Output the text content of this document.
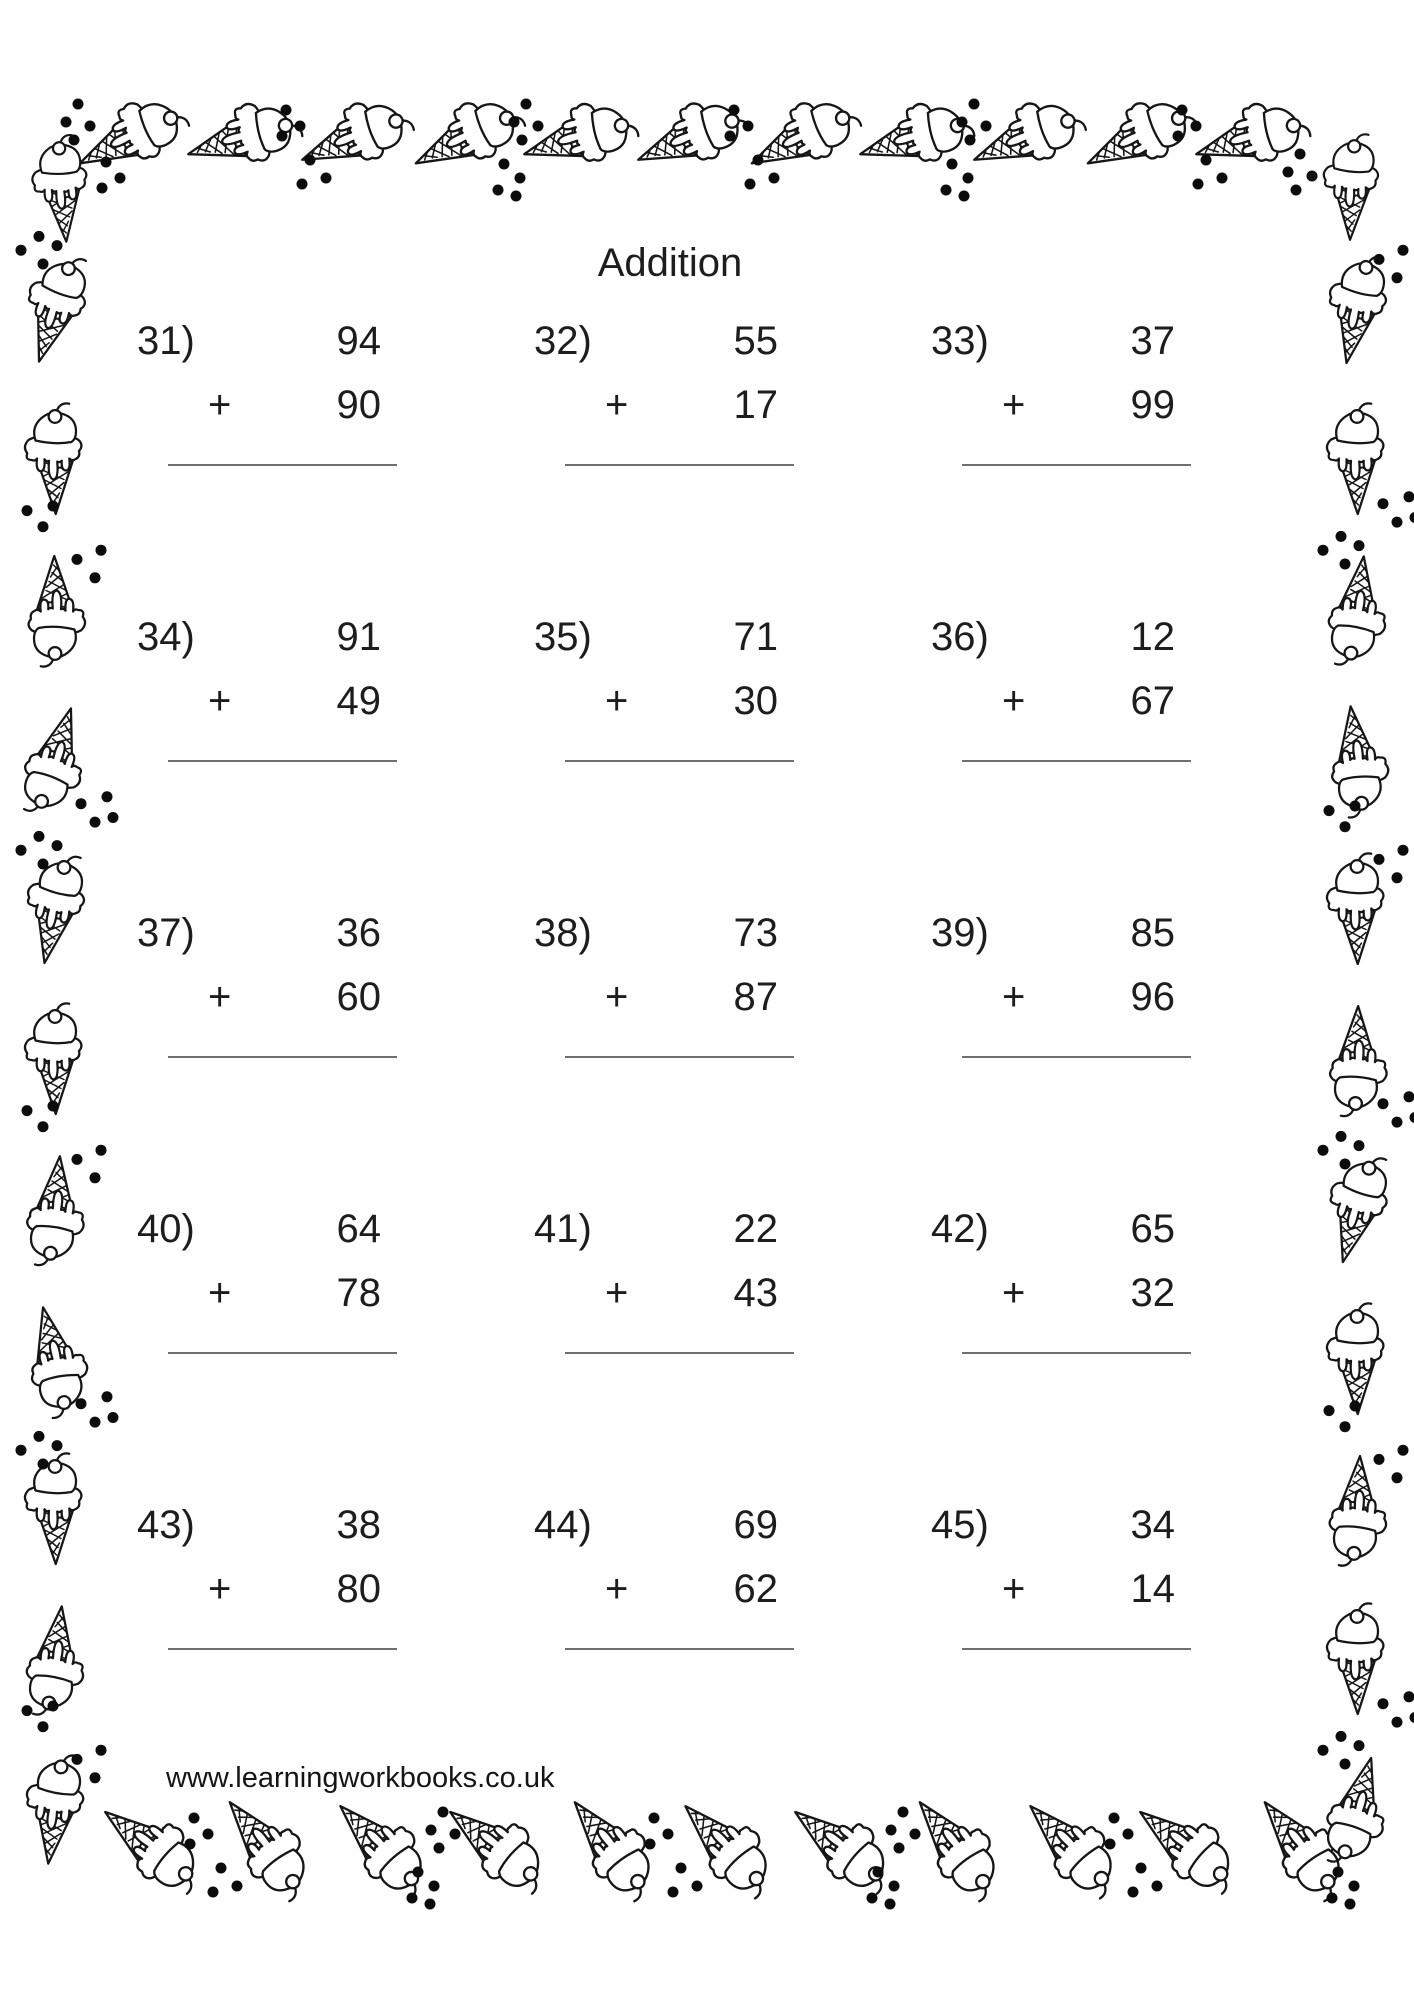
Addition
31)	94
+	90
32)	55
+	17
33)	37
+	99
34)	91
+	49
35)	71
+	30
36)	12
+	67
37)	36
+	60
38)	73
+	87
39)	85
+	96
40)	64
+	78
41)	22
+	43
42)	65
+	32
43)	38
+	80
44)	69
+	62
45)	34
+	14
www.learningworkbooks.co.uk
